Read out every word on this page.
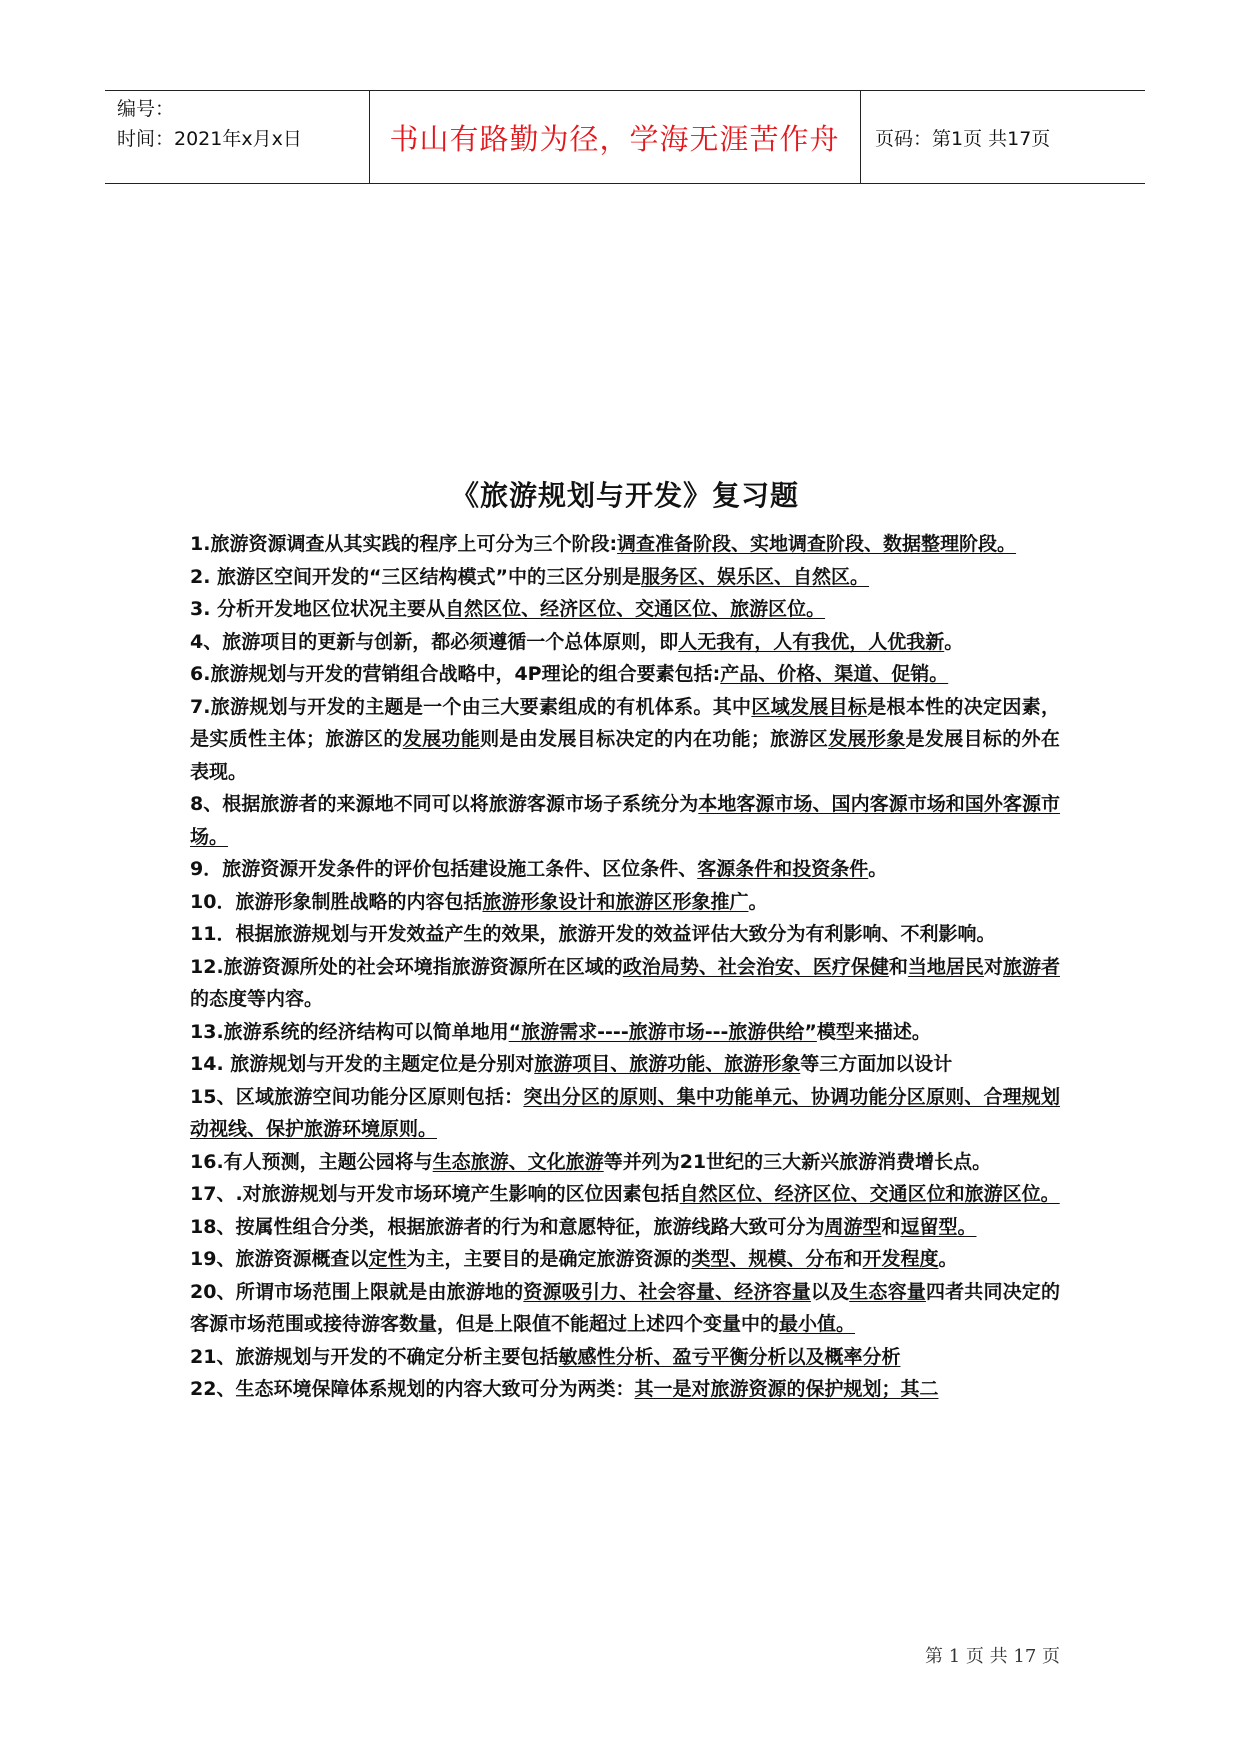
编号：
时间：2021年x月x日	书山有路勤为径，学海无涯苦作舟	页码：第1页 共17页
《旅游规划与开发》复习题
1.旅游资源调查从其实践的程序上可分为三个阶段:调查准备阶段、实地调查阶段、数据整理阶段。
2. 旅游区空间开发的“三区结构模式”中的三区分别是服务区、娱乐区、自然区。
3. 分析开发地区位状况主要从自然区位、经济区位、交通区位、旅游区位。
4、旅游项目的更新与创新，都必须遵循一个总体原则，即人无我有，人有我优，人优我新。
6.旅游规划与开发的营销组合战略中，4P理论的组合要素包括:产品、价格、渠道、促销。
7.旅游规划与开发的主题是一个由三大要素组成的有机体系。其中区域发展目标是根本性的决定因素，是实质性主体；旅游区的发展功能则是由发展目标决定的内在功能；旅游区发展形象是发展目标的外在表现。
8、根据旅游者的来源地不同可以将旅游客源市场子系统分为本地客源市场、国内客源市场和国外客源市场。
9．旅游资源开发条件的评价包括建设施工条件、区位条件、客源条件和投资条件。
10．旅游形象制胜战略的内容包括旅游形象设计和旅游区形象推广。
11．根据旅游规划与开发效益产生的效果，旅游开发的效益评估大致分为有利影响、不利影响。
12.旅游资源所处的社会环境指旅游资源所在区域的政治局势、社会治安、医疗保健和当地居民对旅游者的态度等内容。
13.旅游系统的经济结构可以简单地用“旅游需求----旅游市场---旅游供给”模型来描述。
14. 旅游规划与开发的主题定位是分别对旅游项目、旅游功能、旅游形象等三方面加以设计
15、区域旅游空间功能分区原则包括：突出分区的原则、集中功能单元、协调功能分区原则、合理规划动视线、保护旅游环境原则。
16.有人预测，主题公园将与生态旅游、文化旅游等并列为21世纪的三大新兴旅游消费增长点。
17、.对旅游规划与开发市场环境产生影响的区位因素包括自然区位、经济区位、交通区位和旅游区位。
18、按属性组合分类，根据旅游者的行为和意愿特征，旅游线路大致可分为周游型和逗留型。
19、旅游资源概查以定性为主，主要目的是确定旅游资源的类型、规模、分布和开发程度。
20、所谓市场范围上限就是由旅游地的资源吸引力、社会容量、经济容量以及生态容量四者共同决定的客源市场范围或接待游客数量，但是上限值不能超过上述四个变量中的最小值。
21、旅游规划与开发的不确定分析主要包括敏感性分析、盈亏平衡分析以及概率分析
22、生态环境保障体系规划的内容大致可分为两类：其一是对旅游资源的保护规划；其二
第 1 页 共 17 页
